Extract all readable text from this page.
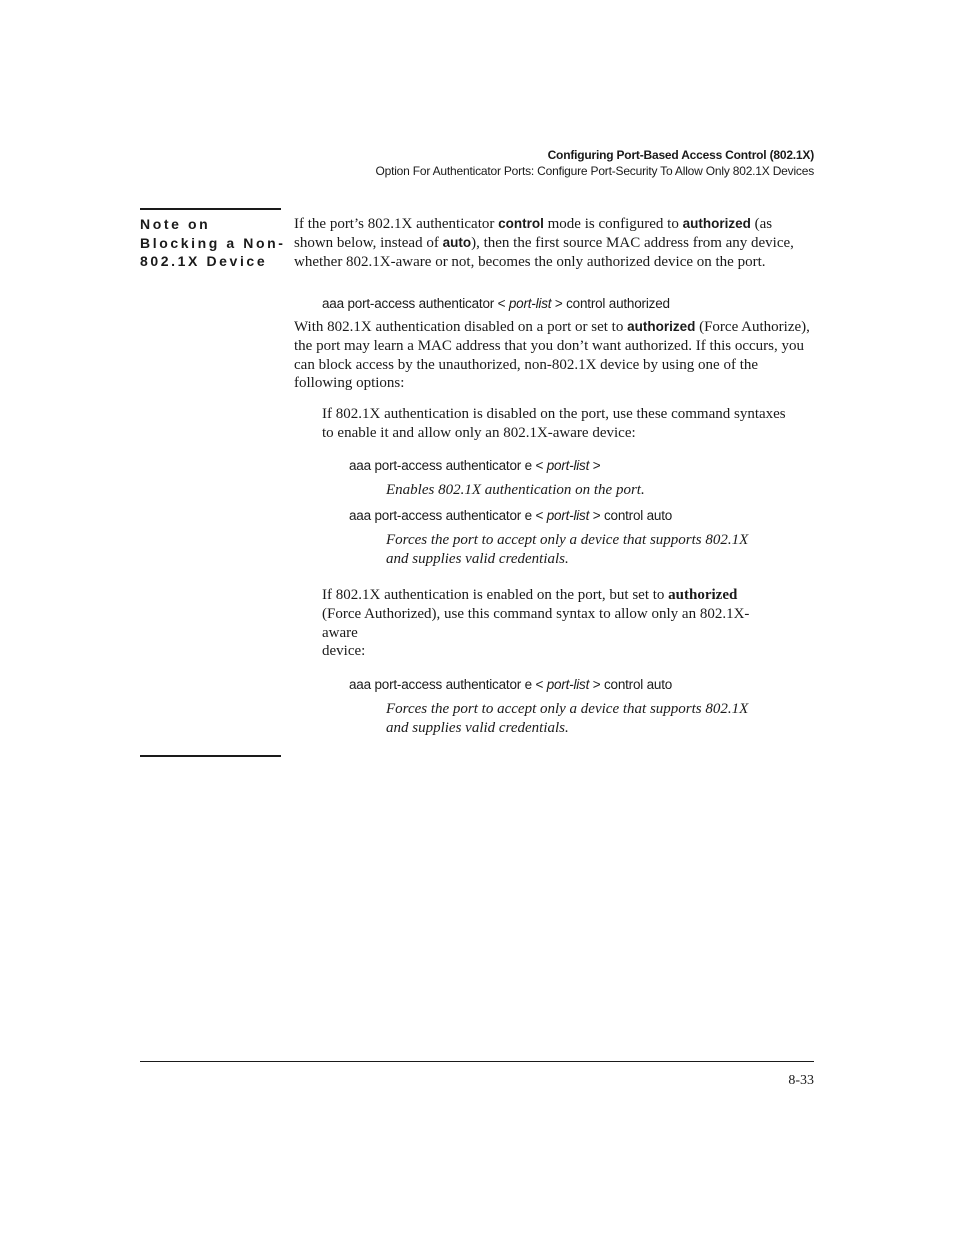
Configuring Port-Based Access Control (802.1X)
Option For Authenticator Ports: Configure Port-Security To Allow Only 802.1X Devices
Note on
Blocking a Non-
802.1X Device
If the port’s 802.1X authenticator control mode is configured to authorized (as shown below, instead of auto), then the first source MAC address from any device, whether 802.1X-aware or not, becomes the only authorized device on the port.
aaa port-access authenticator < port-list > control authorized
With 802.1X authentication disabled on a port or set to authorized (Force Authorize), the port may learn a MAC address that you don’t want authorized. If this occurs, you can block access by the unauthorized, non-802.1X device by using one of the following options:
If 802.1X authentication is disabled on the port, use these command syntaxes to enable it and allow only an 802.1X-aware device:
aaa port-access authenticator e < port-list >
Enables 802.1X authentication on the port.
aaa port-access authenticator e < port-list > control auto
Forces the port to accept only a device that supports 802.1X
and supplies valid credentials.
If 802.1X authentication is enabled on the port, but set to authorized
(Force Authorized), use this command syntax to allow only an 802.1X-
aware
device:
aaa port-access authenticator e < port-list > control auto
Forces the port to accept only a device that supports 802.1X
and supplies valid credentials.
8-33
